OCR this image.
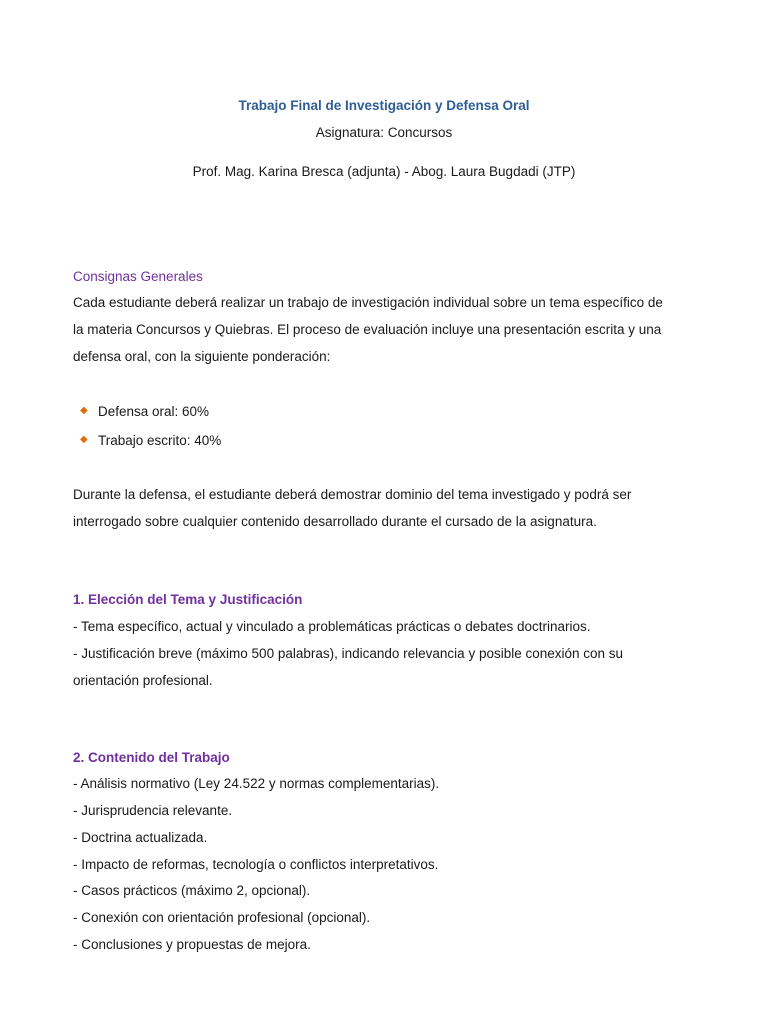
Trabajo Final de Investigación y Defensa Oral
Asignatura: Concursos
Prof. Mag. Karina Bresca (adjunta) - Abog. Laura Bugdadi (JTP)
Consignas Generales
Cada estudiante deberá realizar un trabajo de investigación individual sobre un tema específico de
la materia Concursos y Quiebras. El proceso de evaluación incluye una presentación escrita y una
defensa oral, con la siguiente ponderación:
◆ Defensa oral: 60%
◆ Trabajo escrito: 40%
Durante la defensa, el estudiante deberá demostrar dominio del tema investigado y podrá ser
interrogado sobre cualquier contenido desarrollado durante el cursado de la asignatura.
1. Elección del Tema y Justificación
- Tema específico, actual y vinculado a problemáticas prácticas o debates doctrinarios.
- Justificación breve (máximo 500 palabras), indicando relevancia y posible conexión con su
orientación profesional.
2. Contenido del Trabajo
- Análisis normativo (Ley 24.522 y normas complementarias).
- Jurisprudencia relevante.
- Doctrina actualizada.
- Impacto de reformas, tecnología o conflictos interpretativos.
- Casos prácticos (máximo 2, opcional).
- Conexión con orientación profesional (opcional).
- Conclusiones y propuestas de mejora.
